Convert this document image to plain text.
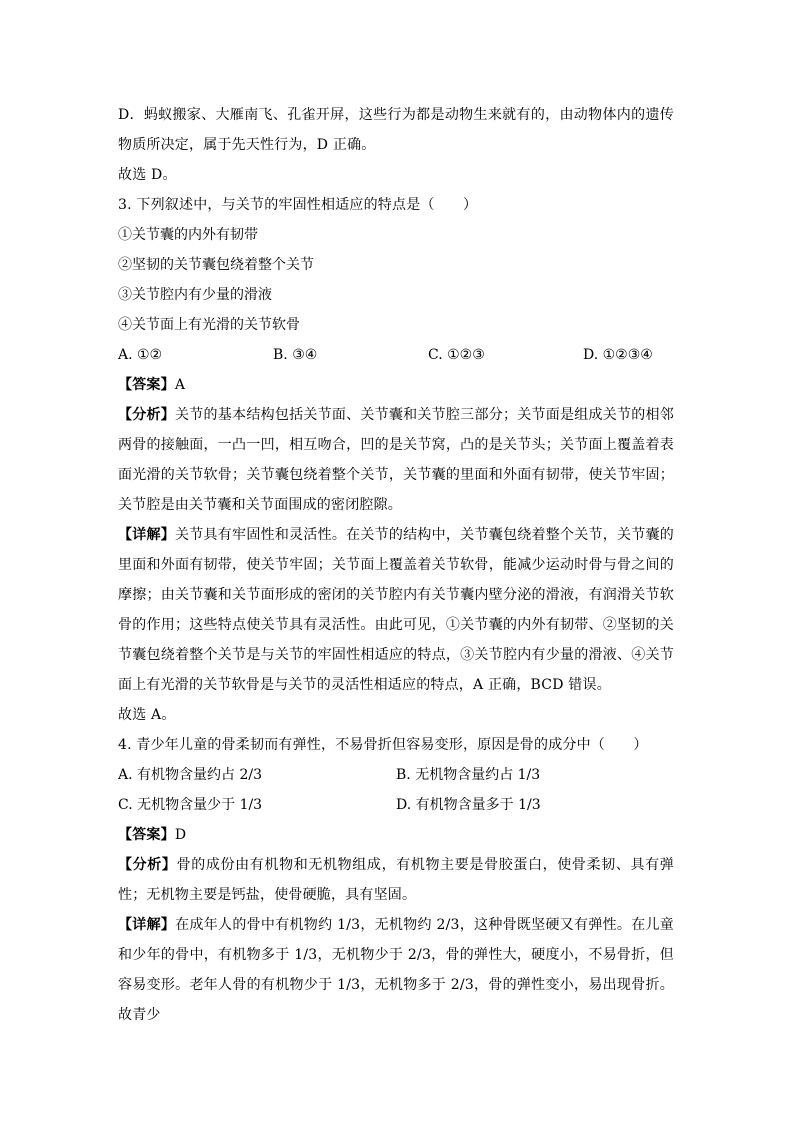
D．蚂蚁搬家、大雁南飞、孔雀开屏，这些行为都是动物生来就有的，由动物体内的遗传物质所决定，属于先天性行为，D 正确。
故选 D。
3. 下列叙述中，与关节的牢固性相适应的特点是（　　）
①关节囊的内外有韧带
②坚韧的关节囊包绕着整个关节
③关节腔内有少量的滑液
④关节面上有光滑的关节软骨
A. ①②	B. ③④	C. ①②③	D. ①②③④
【答案】A
【分析】关节的基本结构包括关节面、关节囊和关节腔三部分；关节面是组成关节的相邻两骨的接触面，一凸一凹，相互吻合，凹的是关节窝，凸的是关节头；关节面上覆盖着表面光滑的关节软骨；关节囊包绕着整个关节，关节囊的里面和外面有韧带，使关节牢固；关节腔是由关节囊和关节面围成的密闭腔隙。
【详解】关节具有牢固性和灵活性。在关节的结构中，关节囊包绕着整个关节，关节囊的里面和外面有韧带，使关节牢固；关节面上覆盖着关节软骨，能减少运动时骨与骨之间的摩擦；由关节囊和关节面形成的密闭的关节腔内有关节囊内壁分泌的滑液，有润滑关节软骨的作用；这些特点使关节具有灵活性。由此可见，①关节囊的内外有韧带、②坚韧的关节囊包绕着整个关节是与关节的牢固性相适应的特点，③关节腔内有少量的滑液、④关节面上有光滑的关节软骨是与关节的灵活性相适应的特点，A 正确，BCD 错误。
故选 A。
4. 青少年儿童的骨柔韧而有弹性，不易骨折但容易变形，原因是骨的成分中（　　）
A. 有机物含量约占 2/3	B. 无机物含量约占 1/3
C. 无机物含量少于 1/3	D. 有机物含量多于 1/3
【答案】D
【分析】骨的成份由有机物和无机物组成，有机物主要是骨胶蛋白，使骨柔韧、具有弹性；无机物主要是钙盐，使骨硬脆，具有坚固。
【详解】在成年人的骨中有机物约 1/3，无机物约 2/3，这种骨既坚硬又有弹性。在儿童和少年的骨中，有机物多于 1/3，无机物少于 2/3，骨的弹性大，硬度小，不易骨折，但容易变形。老年人骨的有机物少于 1/3，无机物多于 2/3，骨的弹性变小，易出现骨折。故青少
